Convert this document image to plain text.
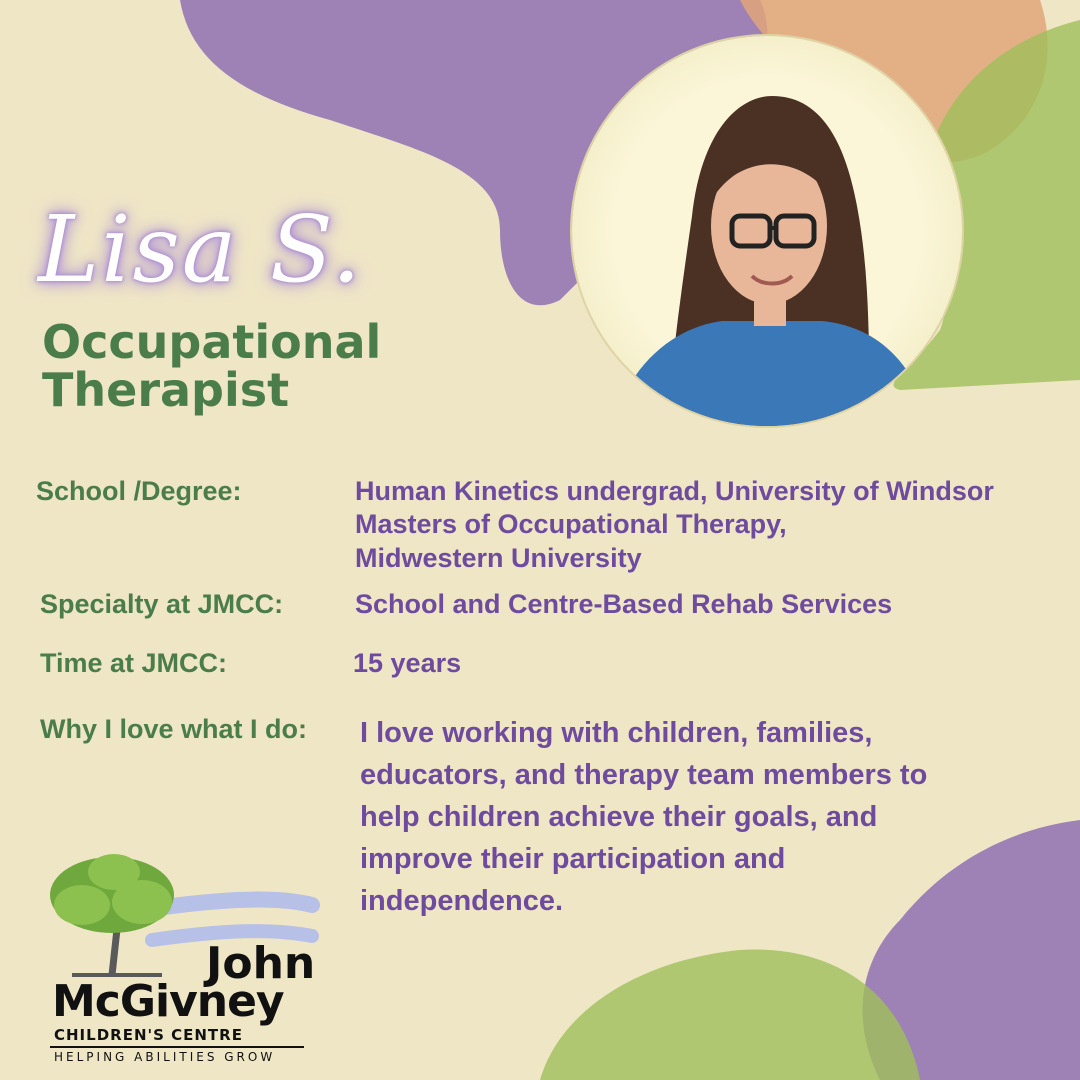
Lisa S.
Occupational
Therapist
School /Degree:	Human Kinetics undergrad, University of Windsor
Masters of Occupational Therapy,
Midwestern University
Specialty at JMCC:	School and Centre-Based Rehab Services
Time at JMCC:	15 years
Why I love what I do: I love working with children, families, educators, and therapy team members to help children achieve their goals, and improve their participation and independence.
John
McGivney
CHILDREN'S CENTRE
HELPING ABILITIES GROW
